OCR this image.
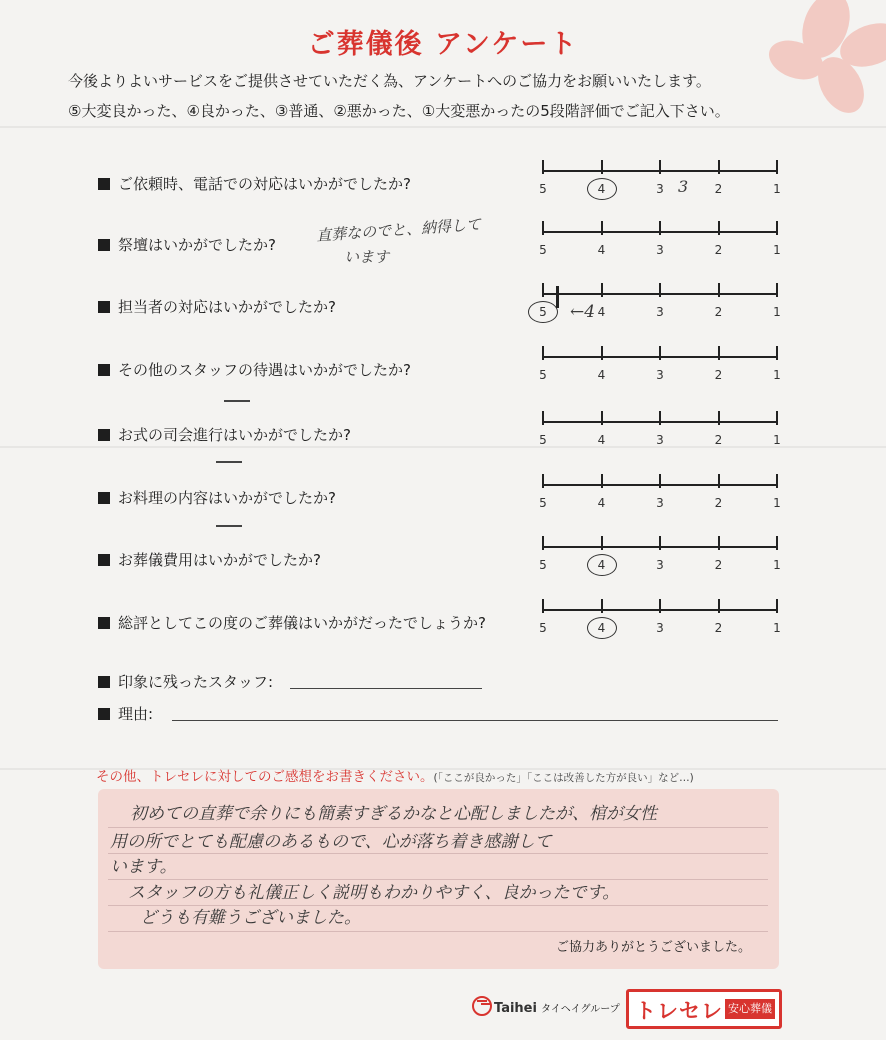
ご葬儀後 アンケート
今後よりよいサービスをご提供させていただく為、アンケートへのご協力をお願いいたします。
⑤大変良かった、④良かった、③普通、②悪かった、①大変悪かったの5段階評価でご記入下さい。
ご依頼時、電話での対応はいかがでしたか?	5	4	3	2	1
祭壇はいかがでしたか?	5	4	3	2	1
担当者の対応はいかがでしたか?	5	4	3	2	1
その他のスタッフの待遇はいかがでしたか?	5	4	3	2	1
お式の司会進行はいかがでしたか?	5	4	3	2	1
お料理の内容はいかがでしたか?	5	4	3	2	1
お葬儀費用はいかがでしたか?	5	4	3	2	1
総評としてこの度のご葬儀はいかがだったでしょうか?	5	4	3	2	1
3
直葬なのでと、納得して
います
←4
印象に残ったスタッフ:
理由:
その他、トレセレに対してのご感想をお書きください。(「ここが良かった」「ここは改善した方が良い」など…)
初めての直葬で余りにも簡素すぎるかなと心配しましたが、棺が女性
用の所でとても配慮のあるもので、心が落ち着き感謝して
います。
スタッフの方も礼儀正しく説明もわかりやすく、良かったです。
どうも有難うございました。
ご協力ありがとうございました。
Taihei タイヘイグループ トレセレ 安心葬儀
